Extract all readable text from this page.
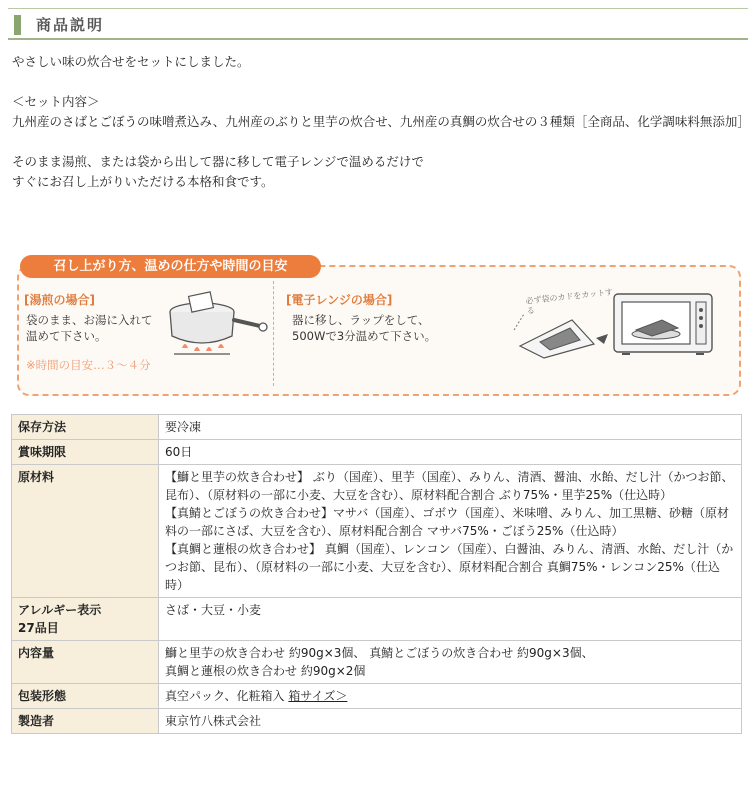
商品説明

やさしい味の炊合せをセットにしました。

＜セット内容＞

九州産のさばとごぼうの味噌煮込み、九州産のぶりと里芋の炊合せ、九州産の真鯛の炊合せの３種類［全商品、化学調味料無添加］

そのまま湯煎、または袋から出して器に移して電子レンジで温めるだけで

すぐにお召し上がりいただける本格和食です。

召し上がり方、温めの仕方や時間の目安
[湯煎の場合]
袋のまま、お湯に入れて
温めて下さい。
※時間の目安…３～４分
[電子レンジの場合]
器に移し、ラップをして、
500Wで3分温めて下さい。
必ず袋のカドをカットする
保存方法	要冷凍
賞味期限	60日
原材料	【鰤と里芋の炊き合わせ】 ぶり（国産）、里芋（国産）、みりん、清酒、醤油、水飴、だし汁（かつお節、昆布）、（原材料の一部に小麦、大豆を含む）、原材料配合割合 ぶり75%・里芋25%（仕込時）
【真鯖とごぼうの炊き合わせ】マサバ（国産）、ゴボウ（国産）、米味噌、みりん、加工黒糖、砂糖（原材料の一部にさば、大豆を含む）、原材料配合割合 マサバ75%・ごぼう25%（仕込時）
【真鯛と蓮根の炊き合わせ】 真鯛（国産）、レンコン（国産）、白醤油、みりん、清酒、水飴、だし汁（かつお節、昆布）、（原材料の一部に小麦、大豆を含む）、原材料配合割合 真鯛75%・レンコン25%（仕込時）

アレルギー表示
27品目	さば・大豆・小麦
内容量	鰤と里芋の炊き合わせ 約90g×3個、 真鯖とごぼうの炊き合わせ 約90g×3個、
真鯛と蓮根の炊き合わせ 約90g×2個

包装形態	真空パック、化粧箱入 箱サイズ＞
製造者	東京竹八株式会社
